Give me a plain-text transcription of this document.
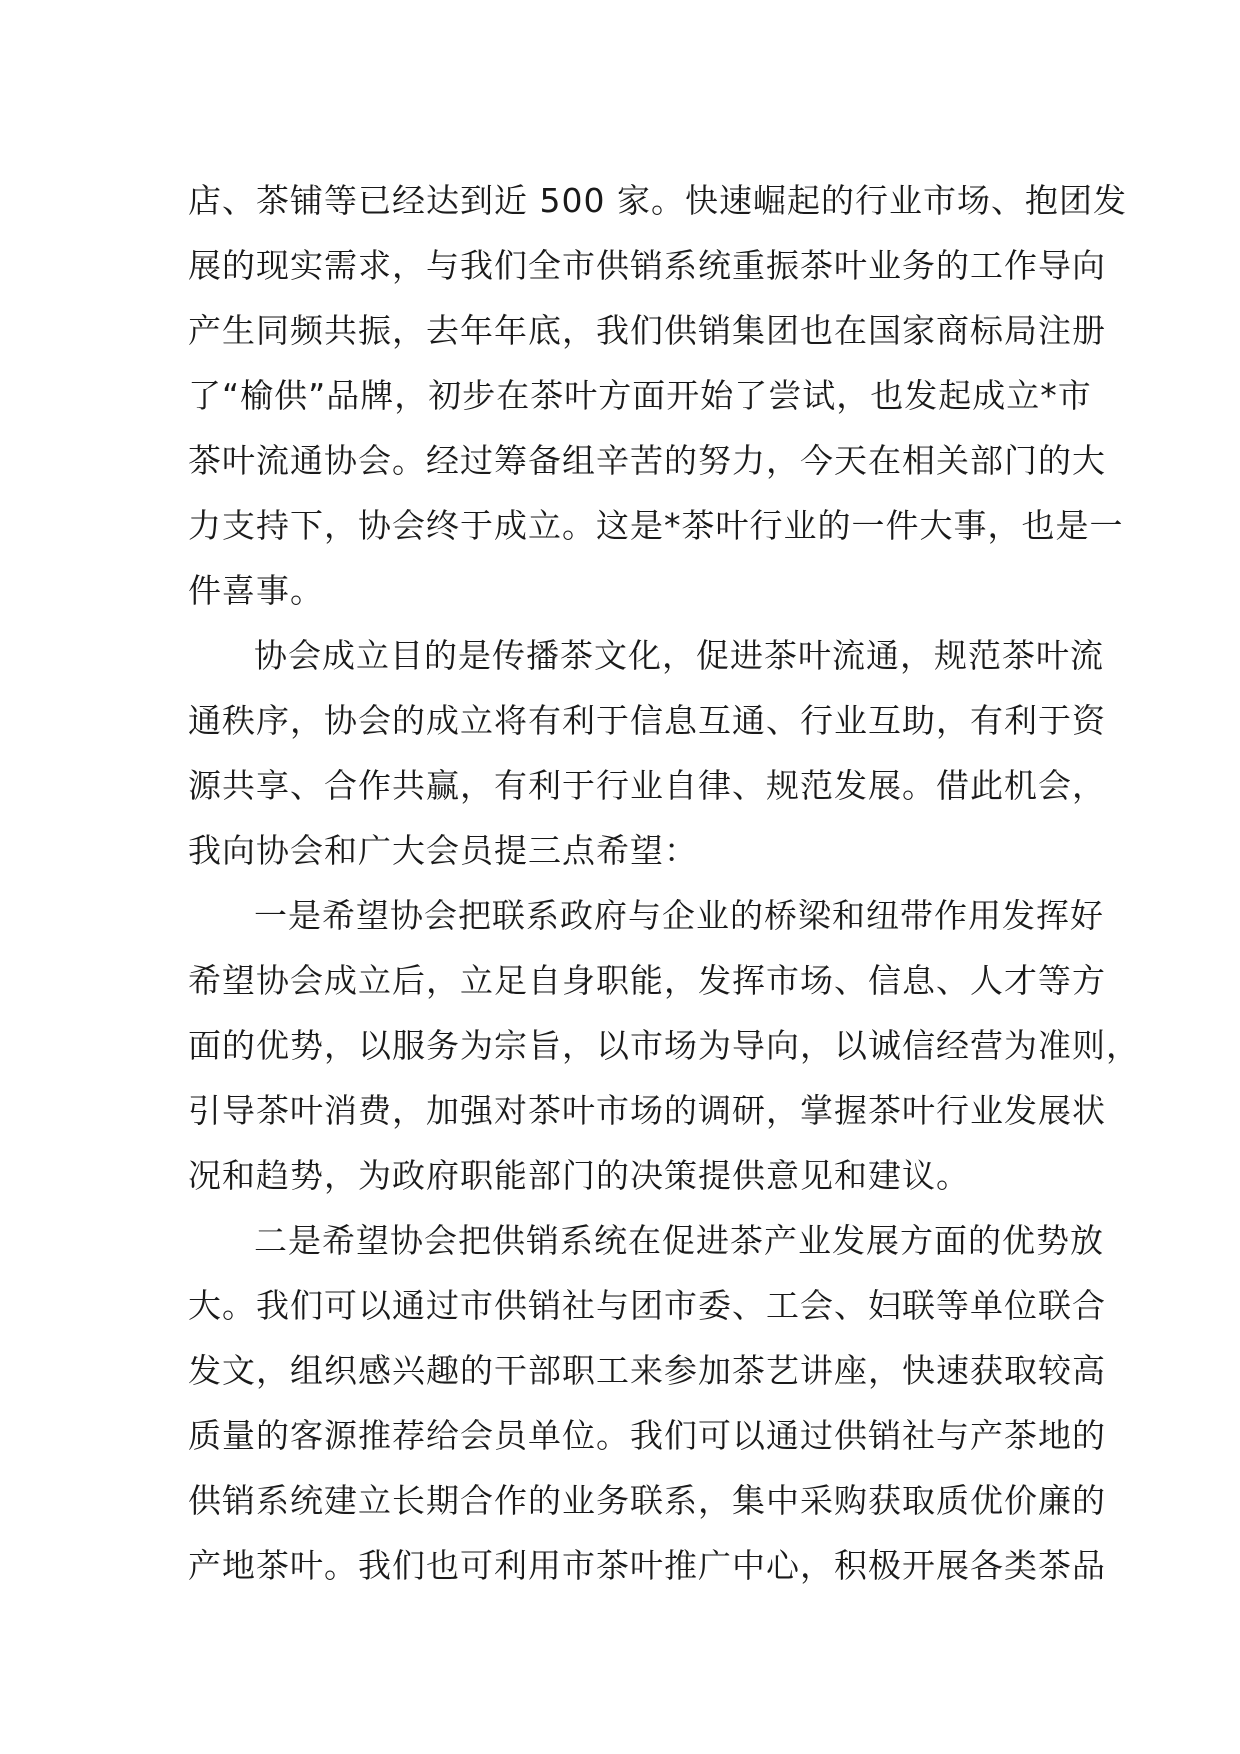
店、茶铺等已经达到近 500 家。快速崛起的行业市场、抱团发
展的现实需求，与我们全市供销系统重振茶叶业务的工作导向
产生同频共振，去年年底，我们供销集团也在国家商标局注册
了“榆供”品牌，初步在茶叶方面开始了尝试，也发起成立*市
茶叶流通协会。经过筹备组辛苦的努力，今天在相关部门的大
力支持下，协会终于成立。这是*茶叶行业的一件大事，也是一
件喜事。
协会成立目的是传播茶文化，促进茶叶流通，规范茶叶流
通秩序，协会的成立将有利于信息互通、行业互助，有利于资
源共享、合作共赢，有利于行业自律、规范发展。借此机会，
我向协会和广大会员提三点希望：
一是希望协会把联系政府与企业的桥梁和纽带作用发挥好
希望协会成立后，立足自身职能，发挥市场、信息、人才等方
面的优势，以服务为宗旨，以市场为导向，以诚信经营为准则，
引导茶叶消费，加强对茶叶市场的调研，掌握茶叶行业发展状
况和趋势，为政府职能部门的决策提供意见和建议。
二是希望协会把供销系统在促进茶产业发展方面的优势放
大。我们可以通过市供销社与团市委、工会、妇联等单位联合
发文，组织感兴趣的干部职工来参加茶艺讲座，快速获取较高
质量的客源推荐给会员单位。我们可以通过供销社与产茶地的
供销系统建立长期合作的业务联系，集中采购获取质优价廉的
产地茶叶。我们也可利用市茶叶推广中心，积极开展各类茶品
